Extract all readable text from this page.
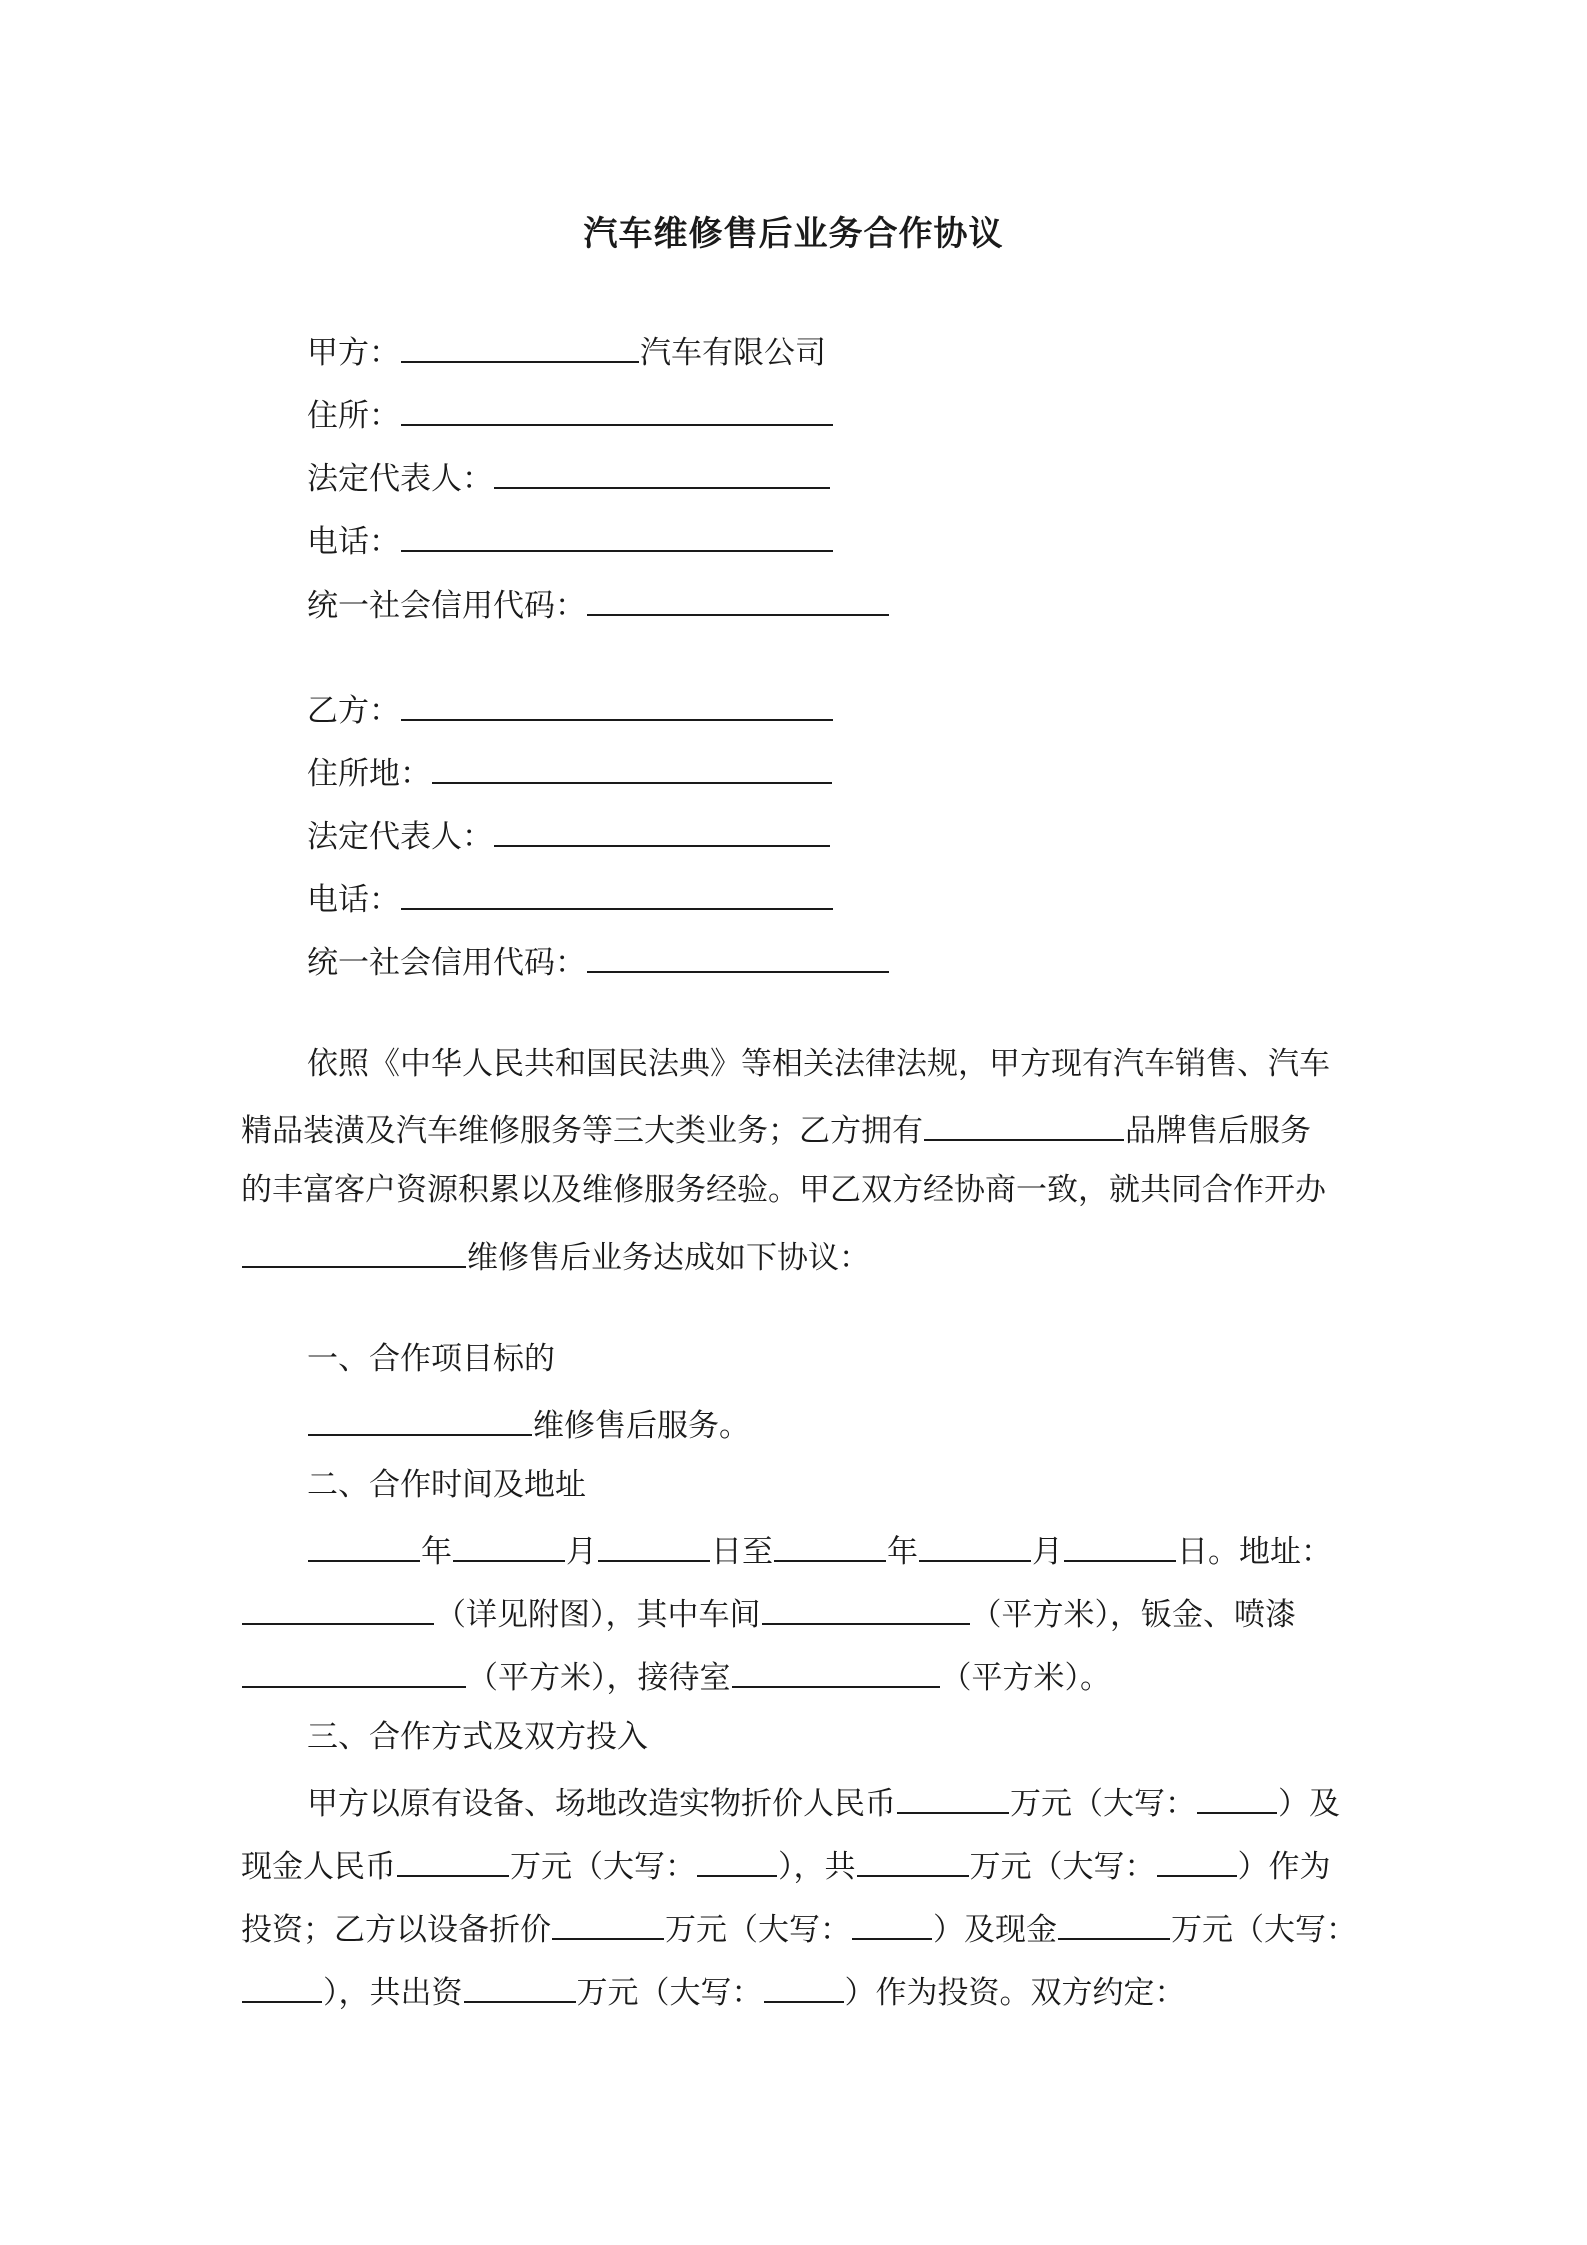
汽车维修售后业务合作协议
甲方：	汽车有限公司
住所：
法定代表人：
电话：
统一社会信用代码：
乙方：
住所地：
法定代表人：
电话：
统一社会信用代码：
依照《中华人民共和国民法典》等相关法律法规，甲方现有汽车销售、汽车
精品装潢及汽车维修服务等三大类业务；乙方拥有	品牌售后服务
的丰富客户资源积累以及维修服务经验。甲乙双方经协商一致，就共同合作开办
维修售后业务达成如下协议：
一、合作项目标的
维修售后服务。
二、合作时间及地址
年	月	日至	年	月	日。地址：
（详见附图），其中车间	（平方米），钣金、喷漆
（平方米），接待室	（平方米）。
三、合作方式及双方投入
甲方以原有设备、场地改造实物折价人民币	万元（大写：	）及
现金人民币	万元（大写：	），共	万元（大写：	）作为
投资；乙方以设备折价	万元（大写：	）及现金	万元（大写：
），共出资	万元（大写：	）作为投资。双方约定：
